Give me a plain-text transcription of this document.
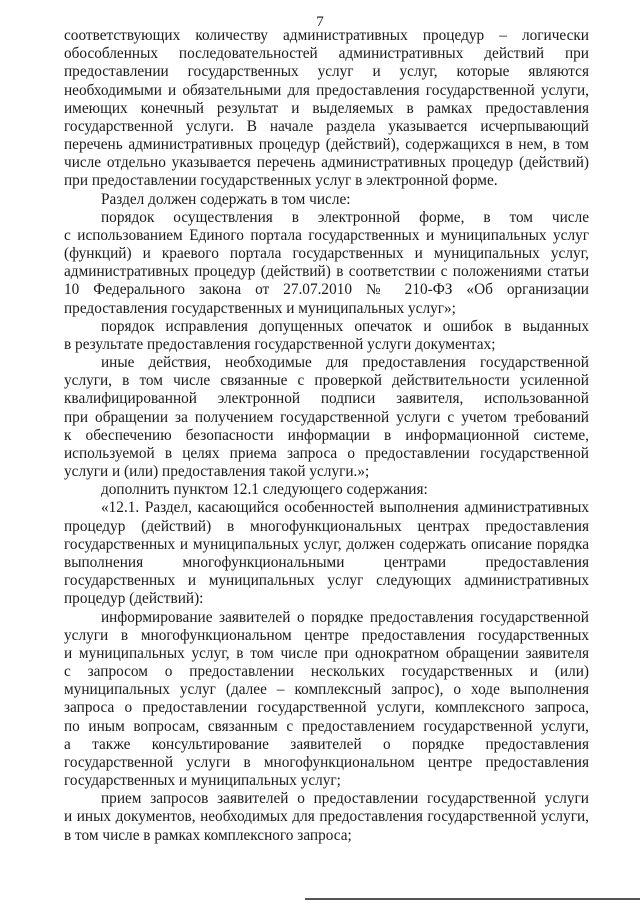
7
соответствующих количеству административных процедур – логически
обособленных последовательностей административных действий при
предоставлении государственных услуг и услуг, которые являются
необходимыми и обязательными для предоставления государственной услуги,
имеющих конечный результат и выделяемых в рамках предоставления
государственной услуги. В начале раздела указывается исчерпывающий
перечень административных процедур (действий), содержащихся в нем, в том
числе отдельно указывается перечень административных процедур (действий)
при предоставлении государственных услуг в электронной форме.
Раздел должен содержать в том числе:
порядок осуществления в электронной форме, в том числе
с использованием Единого портала государственных и муниципальных услуг
(функций) и краевого портала государственных и муниципальных услуг,
административных процедур (действий) в соответствии с положениями статьи
10 Федерального закона от 27.07.2010 № 210-ФЗ «Об организации
предоставления государственных и муниципальных услуг»;
порядок исправления допущенных опечаток и ошибок в выданных
в результате предоставления государственной услуги документах;
иные действия, необходимые для предоставления государственной
услуги, в том числе связанные с проверкой действительности усиленной
квалифицированной электронной подписи заявителя, использованной
при обращении за получением государственной услуги с учетом требований
к обеспечению безопасности информации в информационной системе,
используемой в целях приема запроса о предоставлении государственной
услуги и (или) предоставления такой услуги.»;
дополнить пунктом 12.1 следующего содержания:
«12.1. Раздел, касающийся особенностей выполнения административных
процедур (действий) в многофункциональных центрах предоставления
государственных и муниципальных услуг, должен содержать описание порядка
выполнения многофункциональными центрами предоставления
государственных и муниципальных услуг следующих административных
процедур (действий):
информирование заявителей о порядке предоставления государственной
услуги в многофункциональном центре предоставления государственных
и муниципальных услуг, в том числе при однократном обращении заявителя
с запросом о предоставлении нескольких государственных и (или)
муниципальных услуг (далее – комплексный запрос), о ходе выполнения
запроса о предоставлении государственной услуги, комплексного запроса,
по иным вопросам, связанным с предоставлением государственной услуги,
а также консультирование заявителей о порядке предоставления
государственной услуги в многофункциональном центре предоставления
государственных и муниципальных услуг;
прием запросов заявителей о предоставлении государственной услуги
и иных документов, необходимых для предоставления государственной услуги,
в том числе в рамках комплексного запроса;
